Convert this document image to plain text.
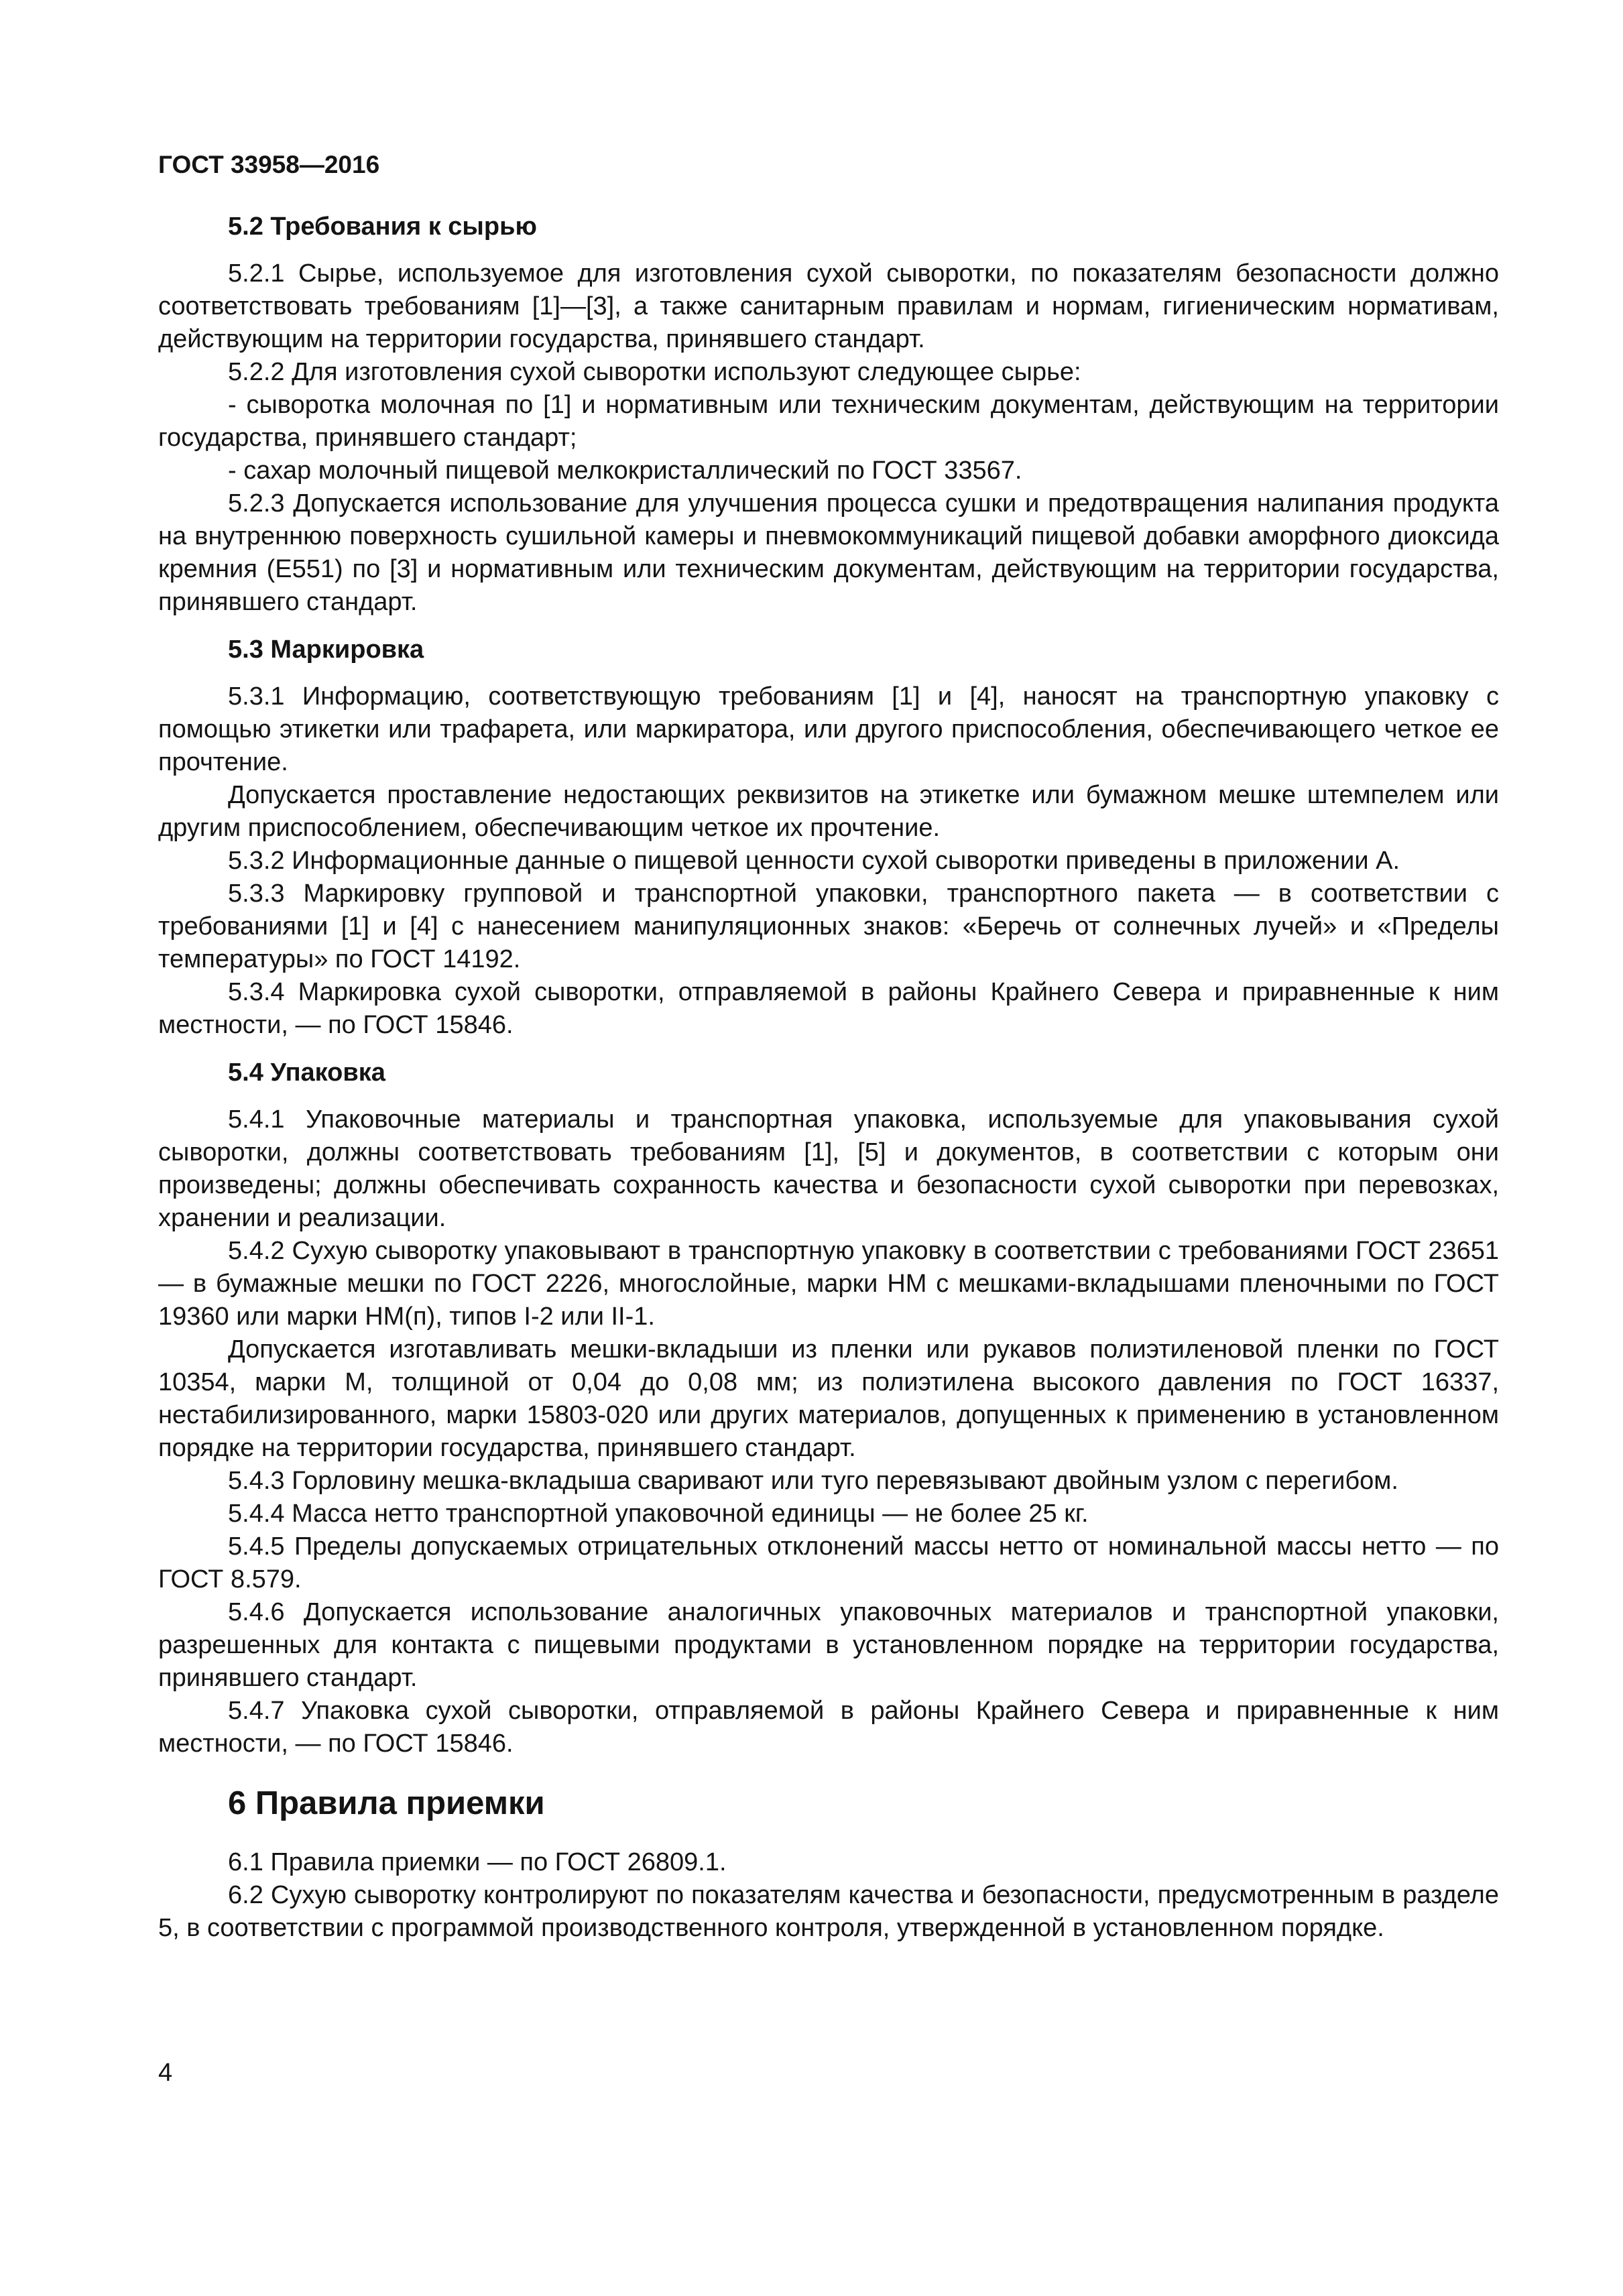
ГОСТ 33958—2016
5.2 Требования к сырью

5.2.1 Сырье, используемое для изготовления сухой сыворотки, по показателям безопасности должно соответствовать требованиям [1]—[3], а также санитарным правилам и нормам, гигиеническим нормативам, действующим на территории государства, принявшего стандарт.

5.2.2 Для изготовления сухой сыворотки используют следующее сырье:

- сыворотка молочная по [1] и нормативным или техническим документам, действующим на территории государства, принявшего стандарт;

- сахар молочный пищевой мелкокристаллический по ГОСТ 33567.

5.2.3 Допускается использование для улучшения процесса сушки и предотвращения налипания продукта на внутреннюю поверхность сушильной камеры и пневмокоммуникаций пищевой добавки аморфного диоксида кремния (E551) по [3] и нормативным или техническим документам, действующим на территории государства, принявшего стандарт.

5.3 Маркировка

5.3.1 Информацию, соответствующую требованиям [1] и [4], наносят на транспортную упаковку с помощью этикетки или трафарета, или маркиратора, или другого приспособления, обеспечивающего четкое ее прочтение.

Допускается проставление недостающих реквизитов на этикетке или бумажном мешке штемпелем или другим приспособлением, обеспечивающим четкое их прочтение.

5.3.2 Информационные данные о пищевой ценности сухой сыворотки приведены в приложении А.

5.3.3 Маркировку групповой и транспортной упаковки, транспортного пакета — в соответствии с требованиями [1] и [4] с нанесением манипуляционных знаков: «Беречь от солнечных лучей» и «Пределы температуры» по ГОСТ 14192.

5.3.4 Маркировка сухой сыворотки, отправляемой в районы Крайнего Севера и приравненные к ним местности, — по ГОСТ 15846.

5.4 Упаковка

5.4.1 Упаковочные материалы и транспортная упаковка, используемые для упаковывания сухой сыворотки, должны соответствовать требованиям [1], [5] и документов, в соответствии с которым они произведены; должны обеспечивать сохранность качества и безопасности сухой сыворотки при перевозках, хранении и реализации.

5.4.2 Сухую сыворотку упаковывают в транспортную упаковку в соответствии с требованиями ГОСТ 23651 — в бумажные мешки по ГОСТ 2226, многослойные, марки НМ с мешками-вкладышами пленочными по ГОСТ 19360 или марки НМ(п), типов I-2 или II-1.

Допускается изготавливать мешки-вкладыши из пленки или рукавов полиэтиленовой пленки по ГОСТ 10354, марки М, толщиной от 0,04 до 0,08 мм; из полиэтилена высокого давления по ГОСТ 16337, нестабилизированного, марки 15803-020 или других материалов, допущенных к применению в установленном порядке на территории государства, принявшего стандарт.

5.4.3 Горловину мешка-вкладыша сваривают или туго перевязывают двойным узлом с перегибом.

5.4.4 Масса нетто транспортной упаковочной единицы — не более 25 кг.

5.4.5 Пределы допускаемых отрицательных отклонений массы нетто от номинальной массы нетто — по ГОСТ 8.579.

5.4.6 Допускается использование аналогичных упаковочных материалов и транспортной упаковки, разрешенных для контакта с пищевыми продуктами в установленном порядке на территории государства, принявшего стандарт.

5.4.7 Упаковка сухой сыворотки, отправляемой в районы Крайнего Севера и приравненные к ним местности, — по ГОСТ 15846.

6 Правила приемки

6.1 Правила приемки — по ГОСТ 26809.1.

6.2 Сухую сыворотку контролируют по показателям качества и безопасности, предусмотренным в разделе 5, в соответствии с программой производственного контроля, утвержденной в установленном порядке.

4
